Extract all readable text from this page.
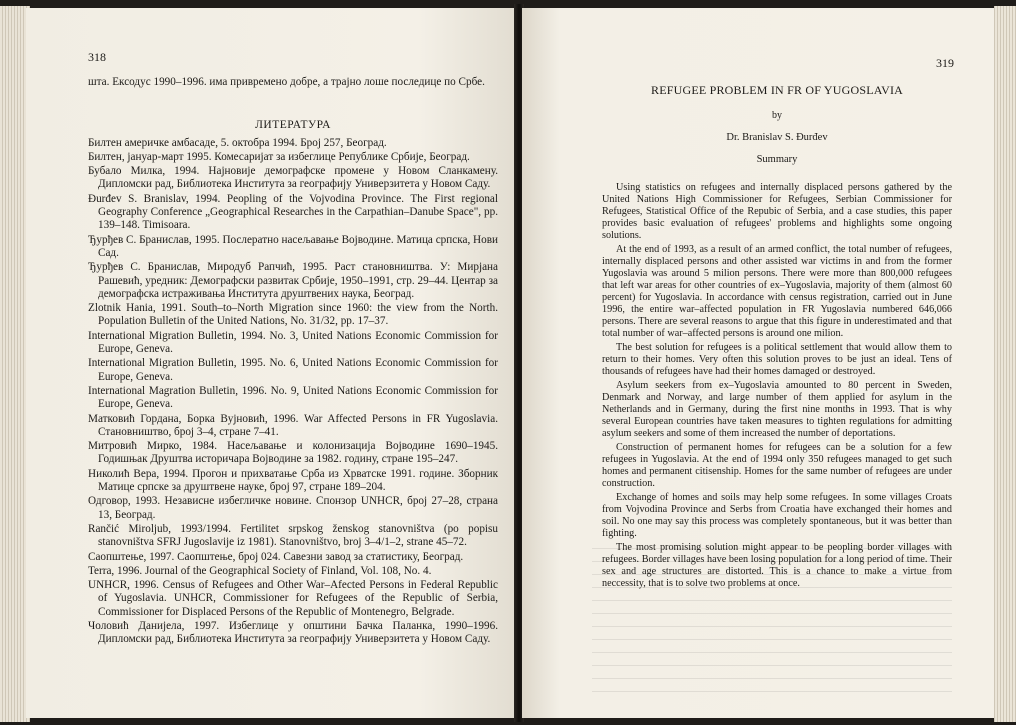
318

шта. Ексодус 1990–1996. има привремено добре, а трајно лоше последице по Србе.

ЛИТЕРАТУРА

Билтен америчке амбасаде, 5. октобра 1994. Број 257, Београд.

Билтен, јануар-март 1995. Комесаријат за избеглице Републике Србије, Београд.

Бубало Милка, 1994. Најновије демографске промене у Новом Сланкамену. Дипломски рад, Библиотека Института за географију Универзитета у Новом Саду.

Đurđev S. Branislav, 1994. Peopling of the Vojvodina Province. The First regional Geography Conference „Geographical Researches in the Carpathian–Danube Space", pp. 139–148. Timisoara.

Ђурђев С. Бранислав, 1995. Послератно насељавање Војводине. Матица српска, Нови Сад.

Ђурђев С. Бранислав, Миродуб Рапчић, 1995. Раст становништва. У: Мирјана Рашевић, уредник: Демографски развитак Србије, 1950–1991, стр. 29–44. Центар за демографска истраживања Института друштвених наука, Београд.

Zlotnik Hania, 1991. South–to–North Migration since 1960: the view from the North. Population Bulletin of the United Nations, No. 31/32, pp. 17–37.

International Migration Bulletin, 1994. No. 3, United Nations Economic Commission for Europe, Geneva.

International Migration Bulletin, 1995. No. 6, United Nations Economic Commission for Europe, Geneva.

International Magration Bulletin, 1996. No. 9, United Nations Economic Commission for Europe, Geneva.

Матковић Гордана, Борка Вујновић, 1996. War Affected Persons in FR Yugoslavia. Становништво, број 3–4, стране 7–41.

Митровић Мирко, 1984. Насељавање и колонизација Војводине 1690–1945. Годишњак Друштва историчара Војводине за 1982. годину, стране 195–247.

Николић Вера, 1994. Прогон и прихватање Срба из Хрватске 1991. године. Зборник Матице српске за друштвене науке, број 97, стране 189–204.

Одговор, 1993. Независне избегличке новине. Спонзор UNHCR, број 27–28, страна 13, Београд.

Rančić Miroljub, 1993/1994. Fertilitet srpskog ženskog stanovništva (po popisu stanovništva SFRJ Jugoslavije iz 1981). Stanovništvo, broj 3–4/1–2, strane 45–72.

Саопштење, 1997. Саопштење, број 024. Савезни завод за статистику, Београд.

Terra, 1996. Journal of the Geographical Society of Finland, Vol. 108, No. 4.

UNHCR, 1996. Census of Refugees and Other War–Afected Persons in Federal Republic of Yugoslavia. UNHCR, Commissioner for Refugees of the Republic of Serbia, Commissioner for Displaced Persons of the Republic of Montenegro, Belgrade.

Чоловић Данијела, 1997. Избеглице у општини Бачка Паланка, 1990–1996. Дипломски рад, Библиотека Института за географију Универзитета у Новом Саду.

319

REFUGEE PROBLEM IN FR OF YUGOSLAVIA

by

Dr. Branislav S. Đurđev

Summary

Using statistics on refugees and internally displaced persons gathered by the United Nations High Commissioner for Refugees, Serbian Commissioner for Refugees, Statistical Office of the Repubic of Serbia, and a case studies, this paper provides basic evaluation of refugees' problems and highlights some ongoing solutions.

At the end of 1993, as a result of an armed conflict, the total number of refugees, internally displaced persons and other assisted war victims in and from the former Yugoslavia was around 5 milion persons. There were more than 800,000 refugees that left war areas for other countries of ex–Yugoslavia, majority of them (almost 60 percent) for Yugoslavia. In accordance with census registration, carried out in June 1996, the entire war–affected population in FR Yugoslavia numbered 646,066 persons. There are several reasons to argue that this figure in underestimated and that total number of war–affected persons is around one milion.

The best solution for refugees is a political settlement that would allow them to return to their homes. Very often this solution proves to be just an ideal. Tens of thousands of refugees have had their homes damaged or destroyed.

Asylum seekers from ex–Yugoslavia amounted to 80 percent in Sweden, Denmark and Norway, and large number of them applied for asylum in the Netherlands and in Germany, during the first nine months in 1993. That is why several European countries have taken measures to tighten regulations for admitting asylum seekers and some of them increased the number of deportations.

Construction of permanent homes for refugees can be a solution for a few refugees in Yugoslavia. At the end of 1994 only 350 refugees managed to get such homes and permanent citisenship. Homes for the same number of refugees are under construction.

Exchange of homes and soils may help some refugees. In some villages Croats from Vojvodina Province and Serbs from Croatia have exchanged their homes and soil. No one may say this process was completely spontaneous, but it was better than fighting.

The most promising solution might appear to be peopling border villages with refugees. Border villages have been losing population for a long period of time. Their sex and age structures are distorted. This is a chance to make a virtue from neccessity, that is to solve two problems at once.
